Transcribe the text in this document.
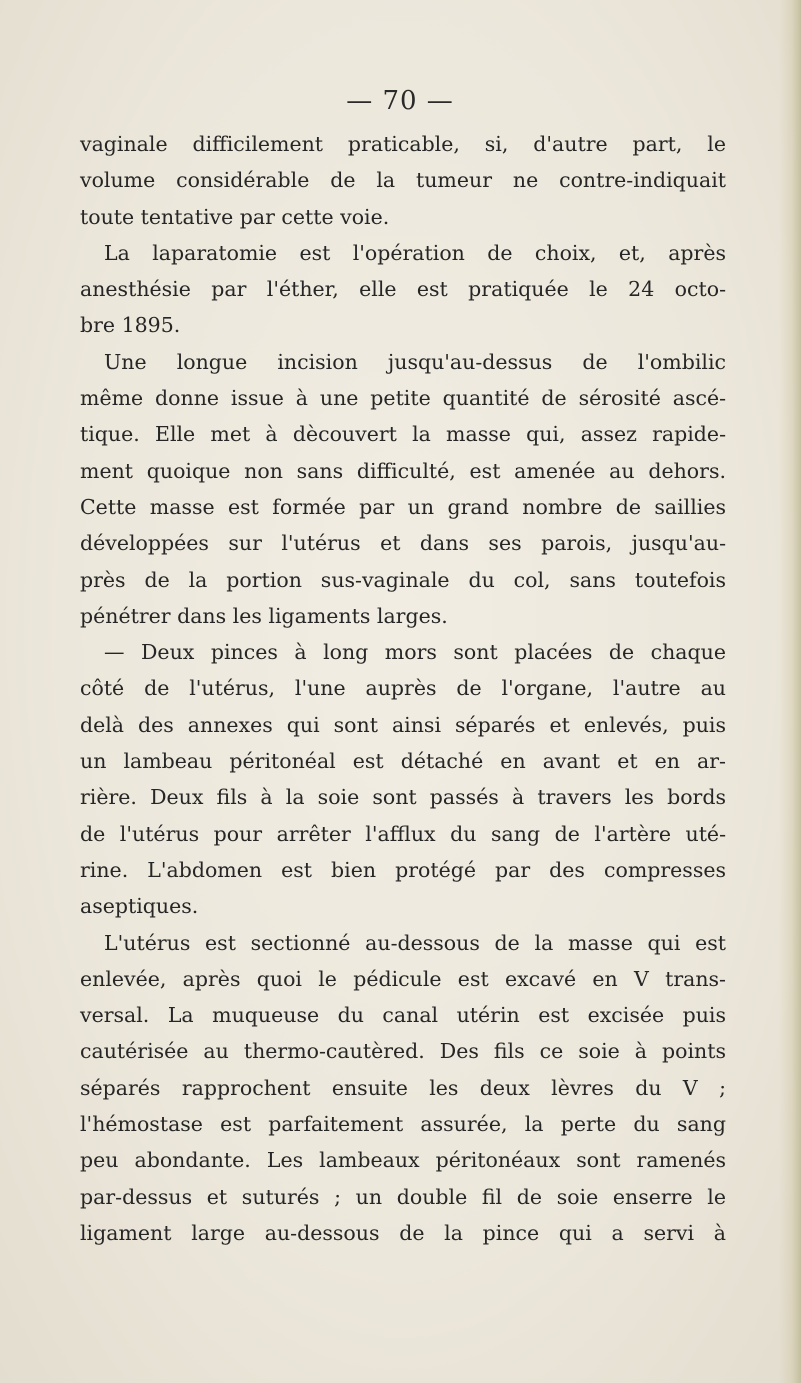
— 70 —

vaginale difficilement praticable, si, d'autre part, le

volume considérable de la tumeur ne contre-indiquait

toute tentative par cette voie.

La laparatomie est l'opération de choix, et, après

anesthésie par l'éther, elle est pratiquée le 24 octo-

bre 1895.

Une longue incision jusqu'au-dessus de l'ombilic

même donne issue à une petite quantité de sérosité ascé-

tique. Elle met à dècouvert la masse qui, assez rapide-

ment quoique non sans difficulté, est amenée au dehors.

Cette masse est formée par un grand nombre de saillies

développées sur l'utérus et dans ses parois, jusqu'au-

près de la portion sus-vaginale du col, sans toutefois

pénétrer dans les ligaments larges.

— Deux pinces à long mors sont placées de chaque

côté de l'utérus, l'une auprès de l'organe, l'autre au

delà des annexes qui sont ainsi séparés et enlevés, puis

un lambeau péritonéal est détaché en avant et en ar-

rière. Deux fils à la soie sont passés à travers les bords

de l'utérus pour arrêter l'afflux du sang de l'artère uté-

rine. L'abdomen est bien protégé par des compresses

aseptiques.

L'utérus est sectionné au-dessous de la masse qui est

enlevée, après quoi le pédicule est excavé en V trans-

versal. La muqueuse du canal utérin est excisée puis

cautérisée au thermo-cautèred. Des fils ce soie à points

séparés rapprochent ensuite les deux lèvres du V ;

l'hémostase est parfaitement assurée, la perte du sang

peu abondante. Les lambeaux péritonéaux sont ramenés

par-dessus et suturés ; un double fil de soie enserre le

ligament large au-dessous de la pince qui a servi à
